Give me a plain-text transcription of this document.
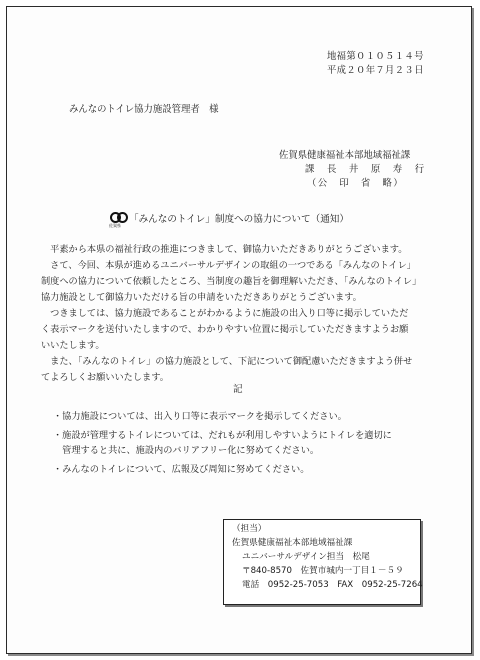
地福第０１０５１４号
平成２０年７月２３日
みんなのトイレ協力施設管理者　様
佐賀県健康福祉本部地域福祉課
課　長　井　原　寿　行
（公　印　省　略）
佐賀県
「みんなのトイレ」制度への協力について（通知）
　平素から本県の福祉行政の推進につきまして、御協力いただきありがとうございます。
　さて、今回、本県が進めるユニバーサルデザインの取組の一つである「みんなのトイレ」
制度への協力について依頼したところ、当制度の趣旨を御理解いただき、「みんなのトイレ」
協力施設として御協力いただける旨の申請をいただきありがとうございます。
　つきましては、協力施設であることがわかるように施設の出入り口等に掲示していただ
く表示マークを送付いたしますので、わかりやすい位置に掲示していただきますようお願
いいたします。
　また、「みんなのトイレ」の協力施設として、下記について御配慮いただきますよう併せ
てよろしくお願いいたします。
記
・協力施設については、出入り口等に表示マークを掲示してください。
・施設が管理するトイレについては、だれもが利用しやすいようにトイレを適切に
　管理すると共に、施設内のバリアフリー化に努めてください。
・みんなのトイレについて、広報及び周知に努めてください。
（担当）
佐賀県健康福祉本部地域福祉課
ユニバーサルデザイン担当　松尾
〒840-8570　佐賀市城内一丁目１－５９
電話　0952-25-7053　FAX　0952-25-7264
